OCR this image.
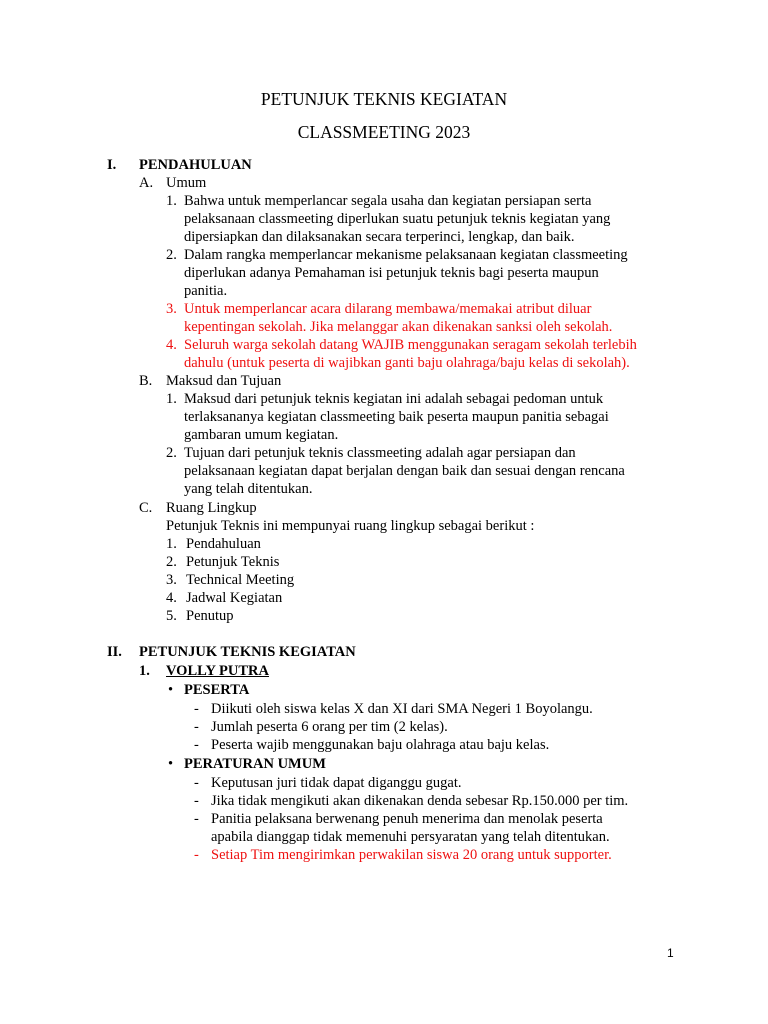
PETUNJUK TEKNIS KEGIATAN
CLASSMEETING 2023
I. PENDAHULUAN
A. Umum
1. Bahwa untuk memperlancar segala usaha dan kegiatan persiapan serta
pelaksanaan classmeeting diperlukan suatu petunjuk teknis kegiatan yang
dipersiapkan dan dilaksanakan secara terperinci, lengkap, dan baik.
2. Dalam rangka memperlancar mekanisme pelaksanaan kegiatan classmeeting
diperlukan adanya Pemahaman isi petunjuk teknis bagi peserta maupun
panitia.
3. Untuk memperlancar acara dilarang membawa/memakai atribut diluar
kepentingan sekolah. Jika melanggar akan dikenakan sanksi oleh sekolah.
4. Seluruh warga sekolah datang WAJIB menggunakan seragam sekolah terlebih
dahulu (untuk peserta di wajibkan ganti baju olahraga/baju kelas di sekolah).
B. Maksud dan Tujuan
1. Maksud dari petunjuk teknis kegiatan ini adalah sebagai pedoman untuk
terlaksananya kegiatan classmeeting baik peserta maupun panitia sebagai
gambaran umum kegiatan.
2. Tujuan dari petunjuk teknis classmeeting adalah agar persiapan dan
pelaksanaan kegiatan dapat berjalan dengan baik dan sesuai dengan rencana
yang telah ditentukan.
C. Ruang Lingkup
Petunjuk Teknis ini mempunyai ruang lingkup sebagai berikut :
1. Pendahuluan
2. Petunjuk Teknis
3. Technical Meeting
4. Jadwal Kegiatan
5. Penutup
II. PETUNJUK TEKNIS KEGIATAN
1. VOLLY PUTRA
• PESERTA
- Diikuti oleh siswa kelas X dan XI dari SMA Negeri 1 Boyolangu.
- Jumlah peserta 6 orang per tim (2 kelas).
- Peserta wajib menggunakan baju olahraga atau baju kelas.
• PERATURAN UMUM
- Keputusan juri tidak dapat diganggu gugat.
- Jika tidak mengikuti akan dikenakan denda sebesar Rp.150.000 per tim.
- Panitia pelaksana berwenang penuh menerima dan menolak peserta
apabila dianggap tidak memenuhi persyaratan yang telah ditentukan.
- Setiap Tim mengirimkan perwakilan siswa 20 orang untuk supporter.
1
